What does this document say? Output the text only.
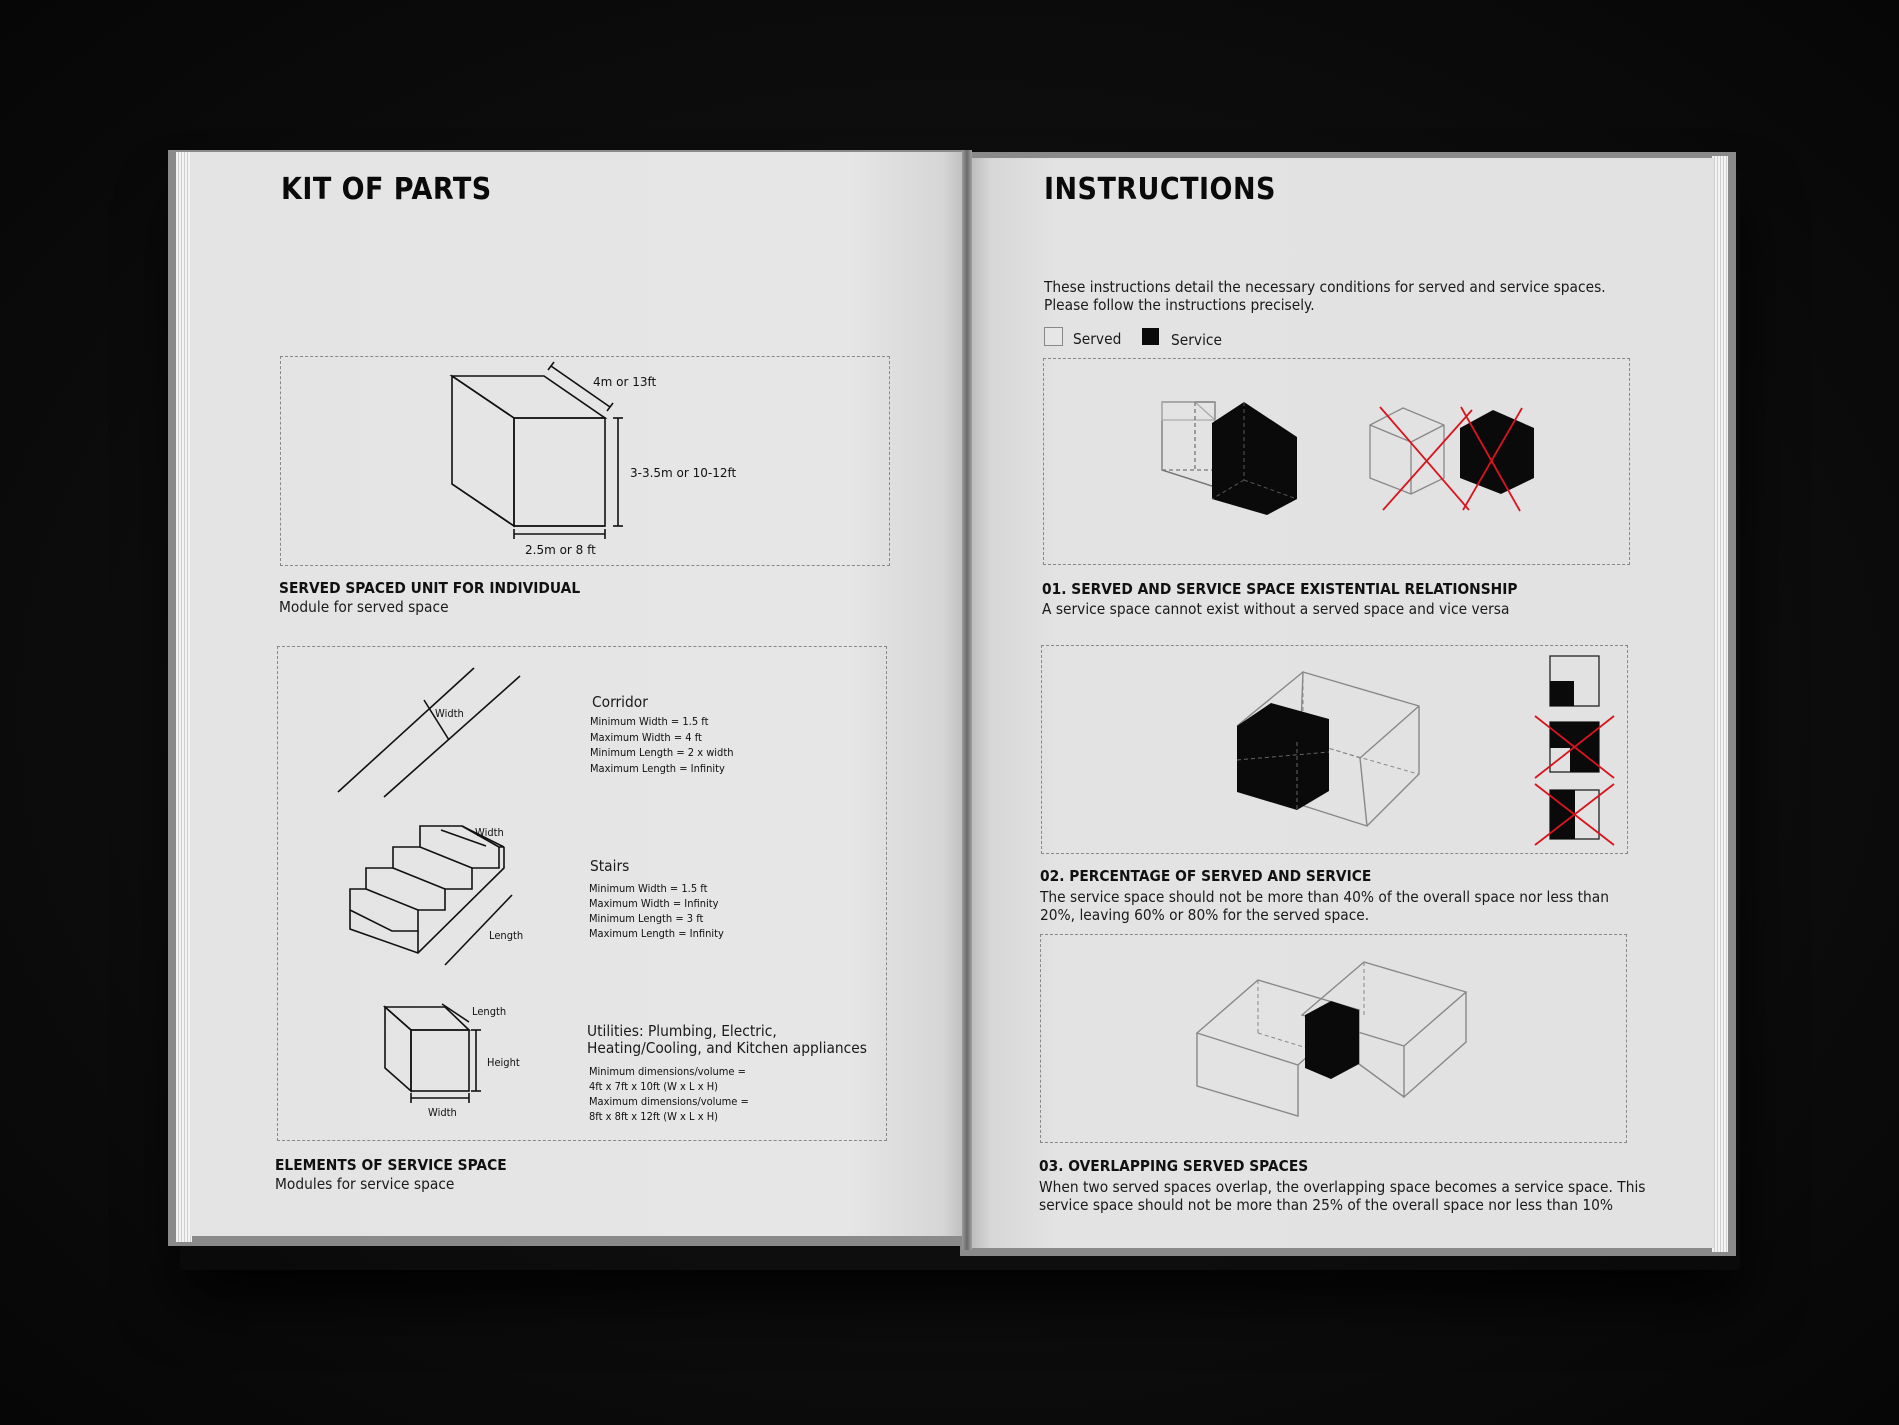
KIT OF PARTS
4m or 13ft
3-3.5m or 10-12ft
2.5m or 8 ft
SERVED SPACED UNIT FOR INDIVIDUAL
Module for served space
Width
Corridor
Minimum Width = 1.5 ft
Maximum Width = 4 ft
Minimum Length = 2 x width
Maximum Length = Infinity
Width
Length
Stairs
Minimum Width = 1.5 ft
Maximum Width = Infinity
Minimum Length = 3 ft
Maximum Length = Infinity
Length
Height
Width
Utilities: Plumbing, Electric,
Heating/Cooling, and Kitchen appliances
Minimum dimensions/volume =
4ft x 7ft x 10ft (W x L x H)
Maximum dimensions/volume =
8ft x 8ft x 12ft (W x L x H)
ELEMENTS OF SERVICE SPACE
Modules for service space
INSTRUCTIONS
These instructions detail the necessary conditions for served and service spaces.
Please follow the instructions precisely.
Served	Service
01. SERVED AND SERVICE SPACE EXISTENTIAL RELATIONSHIP
A service space cannot exist without a served space and vice versa
02. PERCENTAGE OF SERVED AND SERVICE
The service space should not be more than 40% of the overall space nor less than
20%, leaving 60% or 80% for the served space.
03. OVERLAPPING SERVED SPACES
When two served spaces overlap, the overlapping space becomes a service space. This
service space should not be more than 25% of the overall space nor less than 10%
